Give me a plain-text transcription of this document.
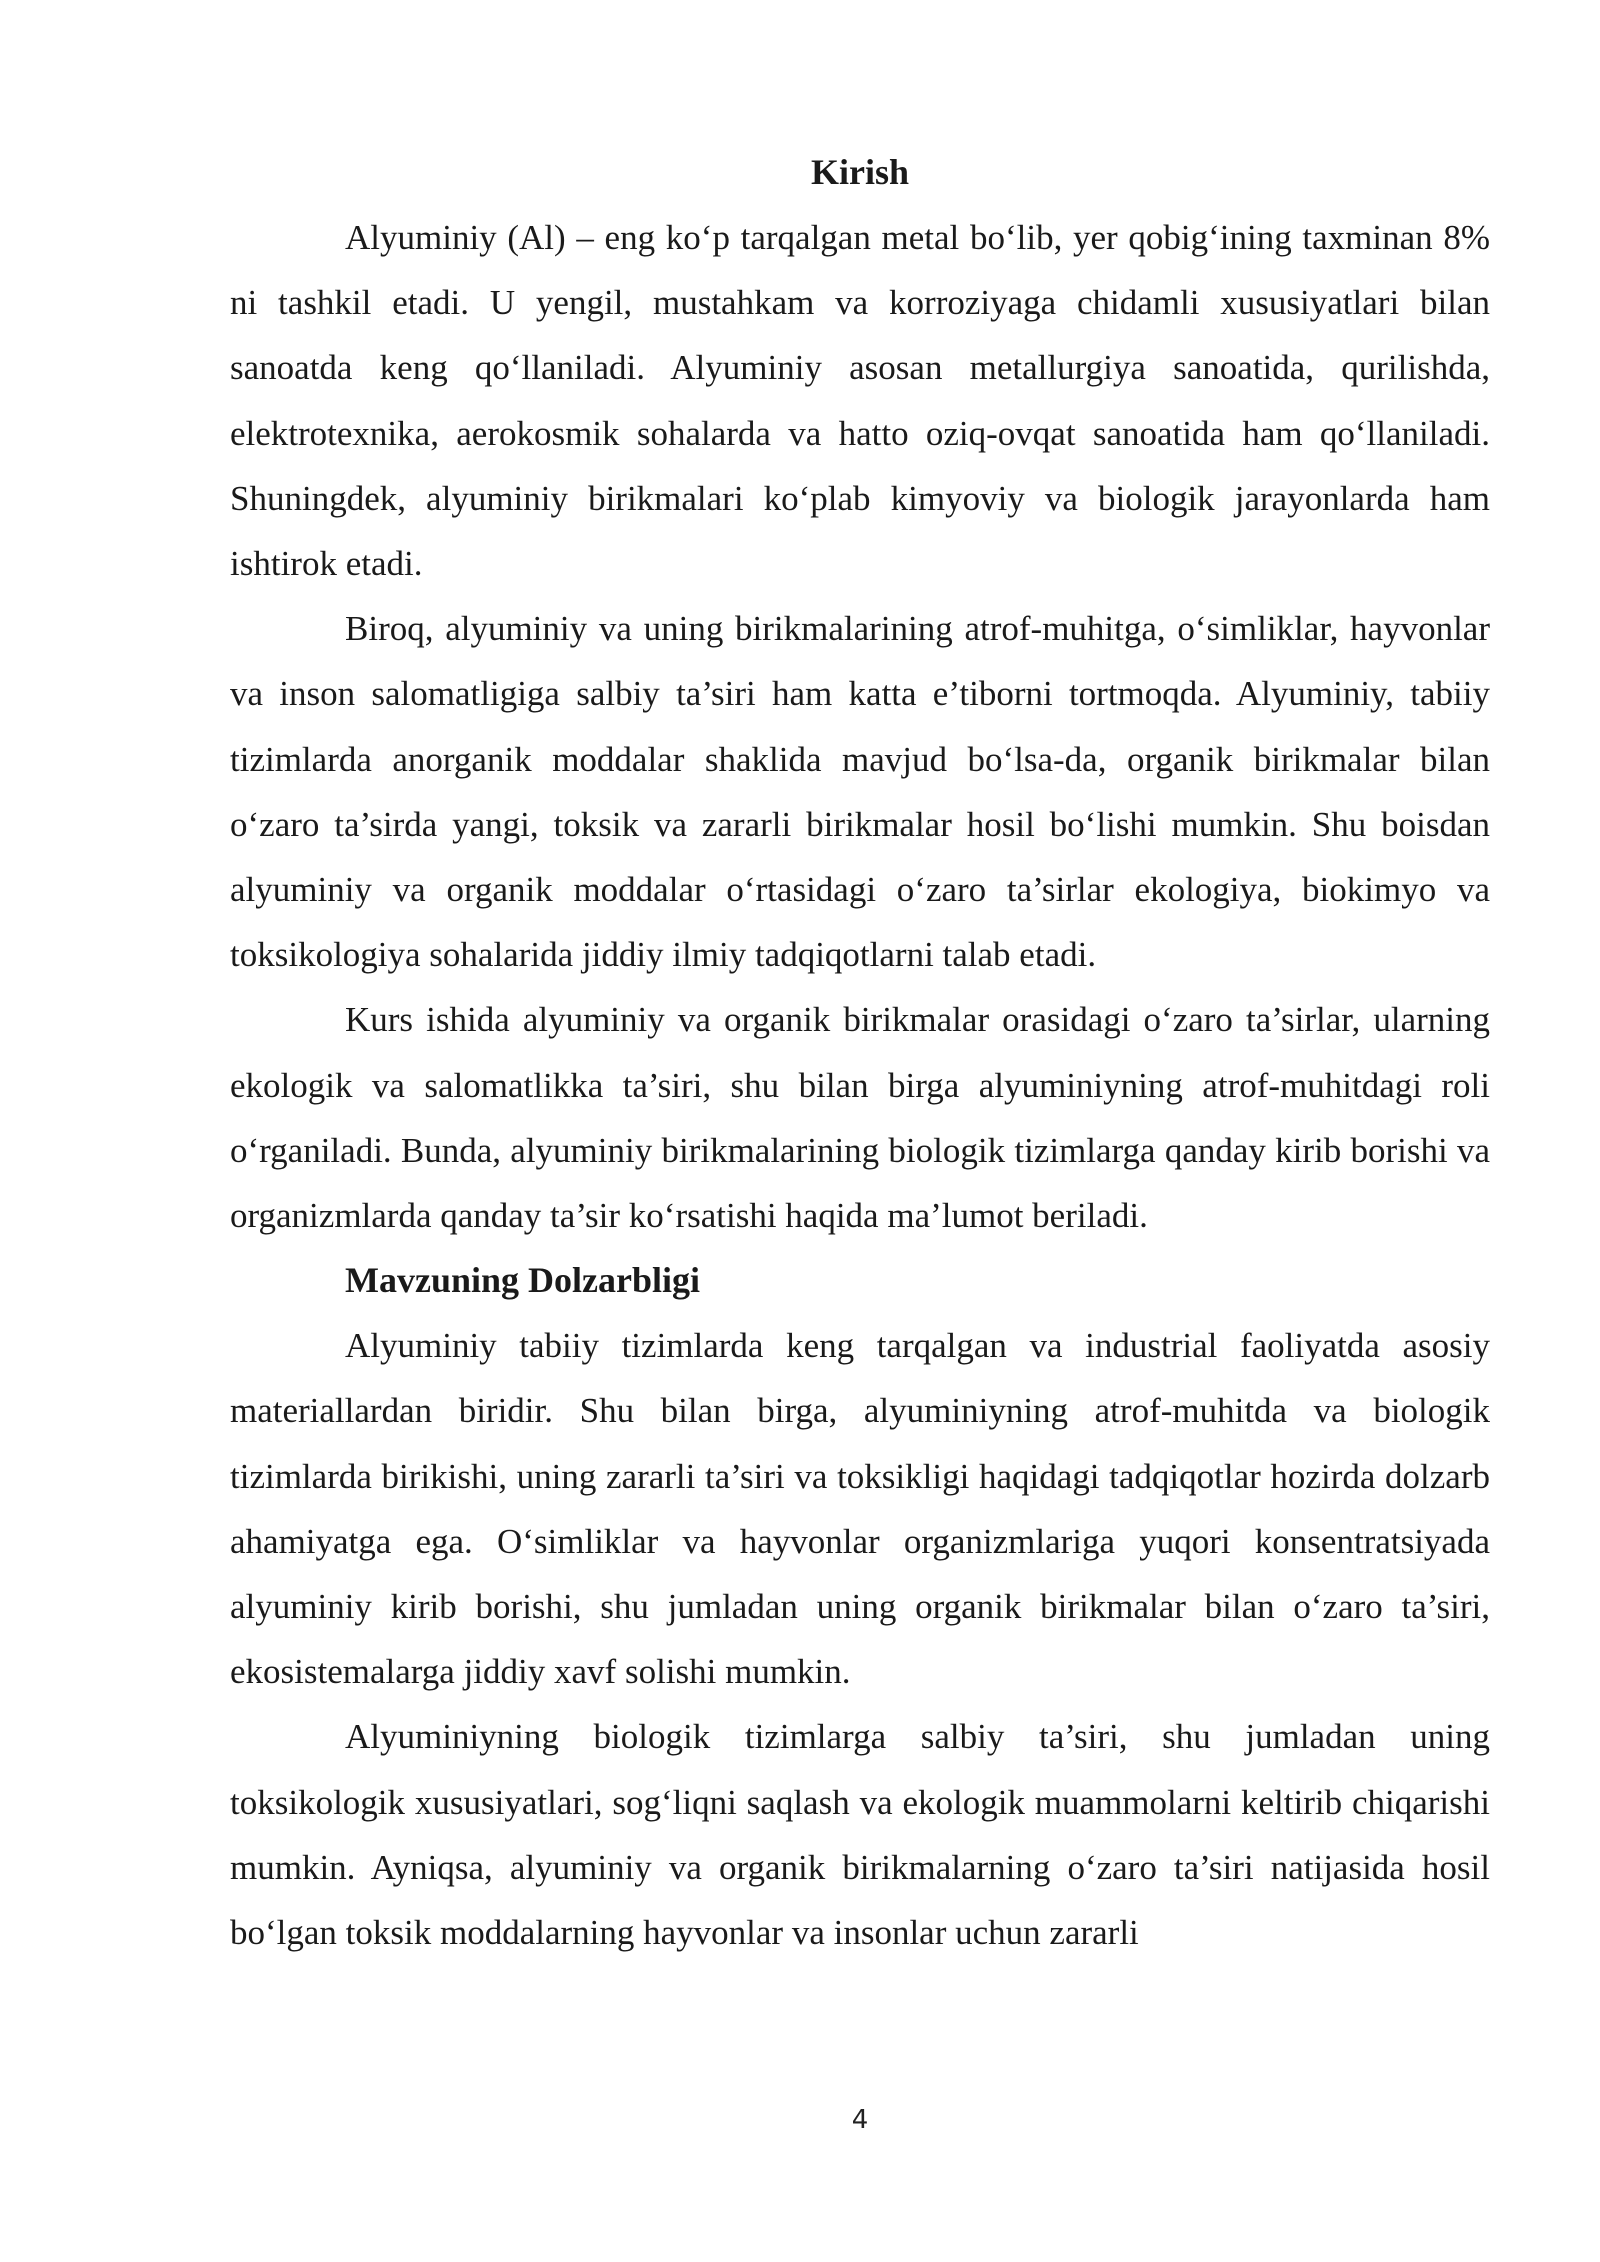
Kirish

Alyuminiy (Al) – eng ko‘p tarqalgan metal bo‘lib, yer qobig‘ining taxminan 8% ni tashkil etadi. U yengil, mustahkam va korroziyaga chidamli xususiyatlari bilan sanoatda keng qo‘llaniladi. Alyuminiy asosan metallurgiya sanoatida, qurilishda, elektrotexnika, aerokosmik sohalarda va hatto oziq-ovqat sanoatida ham qo‘llaniladi. Shuningdek, alyuminiy birikmalari ko‘plab kimyoviy va biologik jarayonlarda ham ishtirok etadi.

Biroq, alyuminiy va uning birikmalarining atrof-muhitga, o‘simliklar, hayvonlar va inson salomatligiga salbiy ta’siri ham katta e’tiborni tortmoqda. Alyuminiy, tabiiy tizimlarda anorganik moddalar shaklida mavjud bo‘lsa-da, organik birikmalar bilan o‘zaro ta’sirda yangi, toksik va zararli birikmalar hosil bo‘lishi mumkin. Shu boisdan alyuminiy va organik moddalar o‘rtasidagi o‘zaro ta’sirlar ekologiya, biokimyo va toksikologiya sohalarida jiddiy ilmiy tadqiqotlarni talab etadi.

Kurs ishida alyuminiy va organik birikmalar orasidagi o‘zaro ta’sirlar, ularning ekologik va salomatlikka ta’siri, shu bilan birga alyuminiyning atrof-muhitdagi roli o‘rganiladi. Bunda, alyuminiy birikmalarining biologik tizimlarga qanday kirib borishi va organizmlarda qanday ta’sir ko‘rsatishi haqida ma’lumot beriladi.

Mavzuning Dolzarbligi

Alyuminiy tabiiy tizimlarda keng tarqalgan va industrial faoliyatda asosiy materiallardan biridir. Shu bilan birga, alyuminiyning atrof-muhitda va biologik tizimlarda birikishi, uning zararli ta’siri va toksikligi haqidagi tadqiqotlar hozirda dolzarb ahamiyatga ega. O‘simliklar va hayvonlar organizmlariga yuqori konsentratsiyada alyuminiy kirib borishi, shu jumladan uning organik birikmalar bilan o‘zaro ta’siri, ekosistemalarga jiddiy xavf solishi mumkin.

Alyuminiyning biologik tizimlarga salbiy ta’siri, shu jumladan uning toksikologik xususiyatlari, sog‘liqni saqlash va ekologik muammolarni keltirib chiqarishi mumkin. Ayniqsa, alyuminiy va organik birikmalarning o‘zaro ta’siri natijasida hosil bo‘lgan toksik moddalarning hayvonlar va insonlar uchun zararli

4
